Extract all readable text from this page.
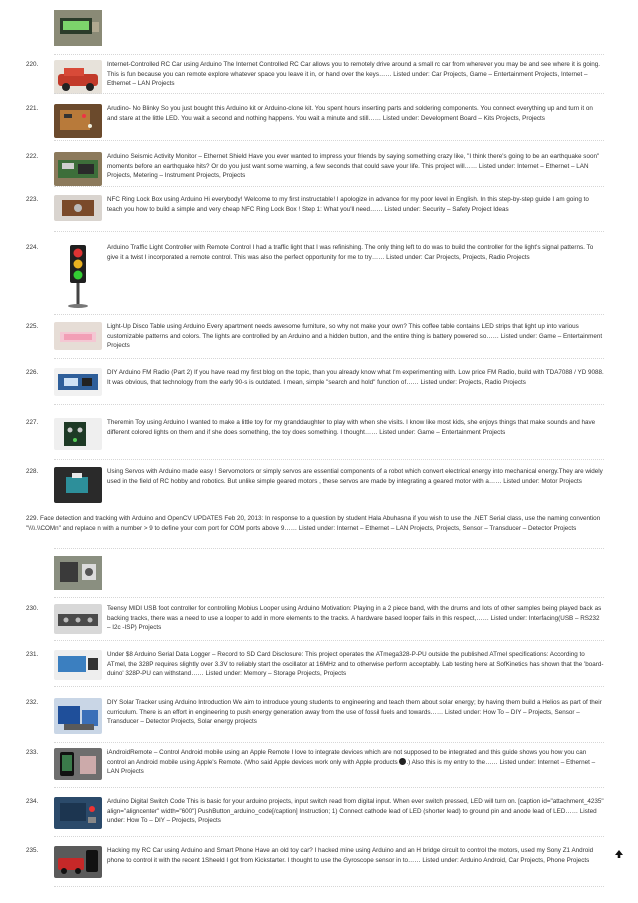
220.	Internet-Controlled RC Car using Arduino The Internet Controlled RC Car allows you to remotely drive around a small rc car from wherever you may be and see where it is going. This is fun because you can remote explore whatever space you leave it in, or hand over the keys…… Listed under: Car Projects, Game – Entertainment Projects, Internet – Ethernet – LAN Projects
221.	Arudino- No Blinky So you just bought this Arduino kit or Arduino-clone kit. You spent hours inserting parts and soldering components. You connect everything up and turn it on and stare at the little LED. You wait a second and nothing happens. You wait a minute and still…… Listed under: Development Board – Kits Projects, Projects
222.	Arduino Seismic Activity Monitor – Ethernet Shield Have you ever wanted to impress your friends by saying something crazy like, "I think there's going to be an earthquake soon" moments before an earthquake hits? Or do you just want some warning, a few seconds that could save your life. This project will…… Listed under: Internet – Ethernet – LAN Projects, Metering – Instrument Projects, Projects
223.	NFC Ring Lock Box using Arduino Hi everybody! Welcome to my first instructable! I apologize in advance for my poor level in English. In this step-by-step guide I am going to teach you how to build a simple and very cheap NFC Ring Lock Box ! Step 1: What you'll need…… Listed under: Security – Safety Project Ideas
224.	Arduino Traffic Light Controller with Remote Control I had a traffic light that I was refinishing. The only thing left to do was to build the controller for the light's signal patterns. To give it a twist I incorporated a remote control. This was also the perfect opportunity for me to try…… Listed under: Car Projects, Projects, Radio Projects
225.	Light-Up Disco Table using Arduino Every apartment needs awesome furniture, so why not make your own? This coffee table contains LED strips that light up into various customizable patterns and colors. The lights are controlled by an Arduino and a hidden button, and the entire thing is battery powered so…… Listed under: Game – Entertainment Projects
226.	DIY Arduino FM Radio (Part 2) If you have read my first blog on the topic, than you already know what I'm experimenting with. Low price FM Radio, build with TDA7088 / YD 9088. It was obvious, that technology from the early 90-s is outdated. I mean, simple "search and hold" function of…… Listed under: Projects, Radio Projects
227.	Theremin Toy using Arduino I wanted to make a little toy for my granddaughter to play with when she visits. I know like most kids, she enjoys things that make sounds and have different colored lights on them and if she does something, the toy does something. I thought…… Listed under: Game – Entertainment Projects
228.	Using Servos with Arduino made easy ! Servomotors or simply servos are essential components of a robot which convert electrical energy into mechanical energy.They are widely used in the field of RC hobby and robotics. But unlike simple geared motors , these servos are made by integrating a geared motor with a…… Listed under: Motor Projects
229. Face detection and tracking with Arduino and OpenCV UPDATES Feb 20, 2013: In response to a question by student Hala Abuhasna if you wish to use the .NET Serial class, use the naming convention "\\\\.\\COMn" and replace n with a number > 9 to define your com port for COM ports above 9…… Listed under: Internet – Ethernet – LAN Projects, Projects, Sensor – Transducer – Detector Projects
230.	Teensy MIDI USB foot controller for controlling Mobius Looper using Arduino Motivation: Playing in a 2 piece band, with the drums and lots of other samples being played back as backing tracks, there was a need to use a looper to add in more elements to the tracks. A hardware based looper fails in this respect,…… Listed under: Interfacing(USB – RS232 – I2c -ISP) Projects
231.	Under $8 Arduino Serial Data Logger – Record to SD Card Disclosure: This project operates the ATmega328-P-PU outside the published ATmel specifications: According to ATmel, the 328P requires slightly over 3.3V to reliably start the oscillator at 16MHz and to otherwise perform acceptably. Lab testing here at SofKinetics has shown that the 'board-duino' 328P-PU can withstand…… Listed under: Memory – Storage Projects, Projects
232.	DIY Solar Tracker using Arduino Introduction We aim to introduce young students to engineering and teach them about solar energy; by having them build a Helios as part of their curriculum. There is an effort in engineering to push energy generation away from the use of fossil fuels and towards…… Listed under: How To – DIY – Projects, Sensor – Transducer – Detector Projects, Solar energy projects
233.	iAndroidRemote – Control Android mobile using an Apple Remote I love to integrate devices which are not supposed to be integrated and this guide shows you how you can control an Android mobile using Apple's Remote. (Who said Apple devices work only with Apple products .) Also this is my entry to the…… Listed under: Internet – Ethernet – LAN Projects
234.	Arduino Digital Switch Code This is basic for your arduino projects, input switch read from digital input. When ever switch pressed, LED will turn on. [caption id="attachment_4235" align="aligncenter" width="600"] PushButton_arduino_code[/caption] Instruction; 1) Connect cathode lead of LED (shorter lead) to ground pin and anode lead of LED…… Listed under: How To – DIY – Projects, Projects
235.	Hacking my RC Car using Arduino and Smart Phone Have an old toy car? I hacked mine using Arduino and an H bridge circuit to control the motors, used my Sony Z1 Android phone to control it with the recent 1Sheeld I got from Kickstarter. I thought to use the Gyroscope sensor in to…… Listed under: Arduino Android, Car Projects, Phone Projects
